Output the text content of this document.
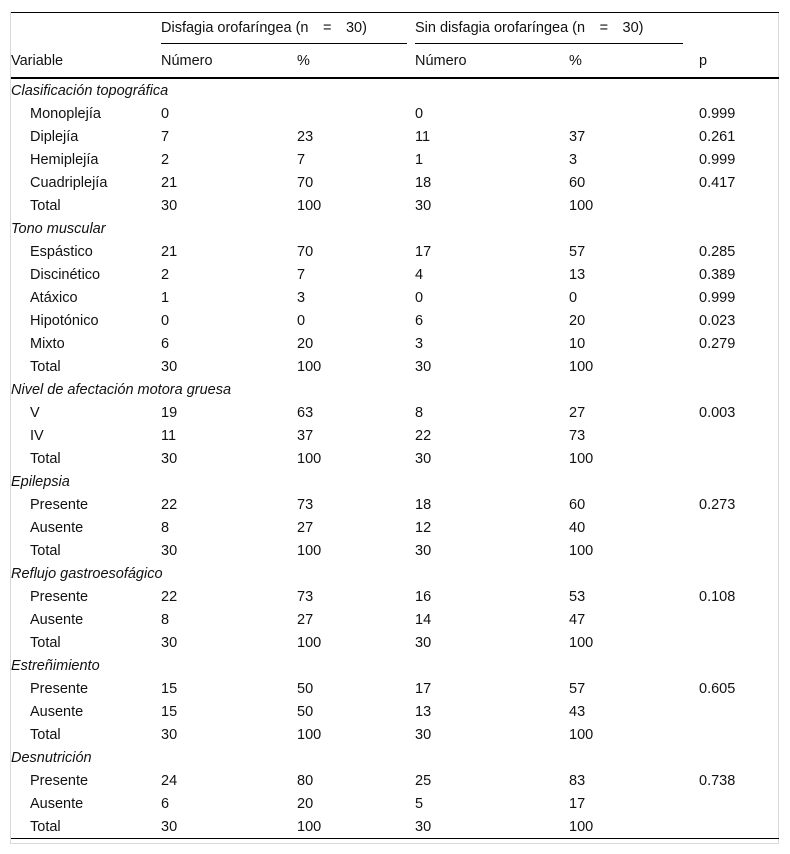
	Disfagia orofaríngea (n  =  30)		Sin disfagia orofaríngea (n  =  30)		
Variable	Número	%	Número	%	p
Clasificación topográfica					
Monoplejía	0		0		0.999
Diplejía	7	23	11	37	0.261
Hemiplejía	2	7	1	3	0.999
Cuadriplejía	21	70	18	60	0.417
Total	30	100	30	100	
Tono muscular					
Espástico	21	70	17	57	0.285
Discinético	2	7	4	13	0.389
Atáxico	1	3	0	0	0.999
Hipotónico	0	0	6	20	0.023
Mixto	6	20	3	10	0.279
Total	30	100	30	100	
Nivel de afectación motora gruesa					
V	19	63	8	27	0.003
IV	11	37	22	73	
Total	30	100	30	100	
Epilepsia					
Presente	22	73	18	60	0.273
Ausente	8	27	12	40	
Total	30	100	30	100	
Reflujo gastroesofágico					
Presente	22	73	16	53	0.108
Ausente	8	27	14	47	
Total	30	100	30	100	
Estreñimiento					
Presente	15	50	17	57	0.605
Ausente	15	50	13	43	
Total	30	100	30	100	
Desnutrición					
Presente	24	80	25	83	0.738
Ausente	6	20	5	17	
Total	30	100	30	100	
